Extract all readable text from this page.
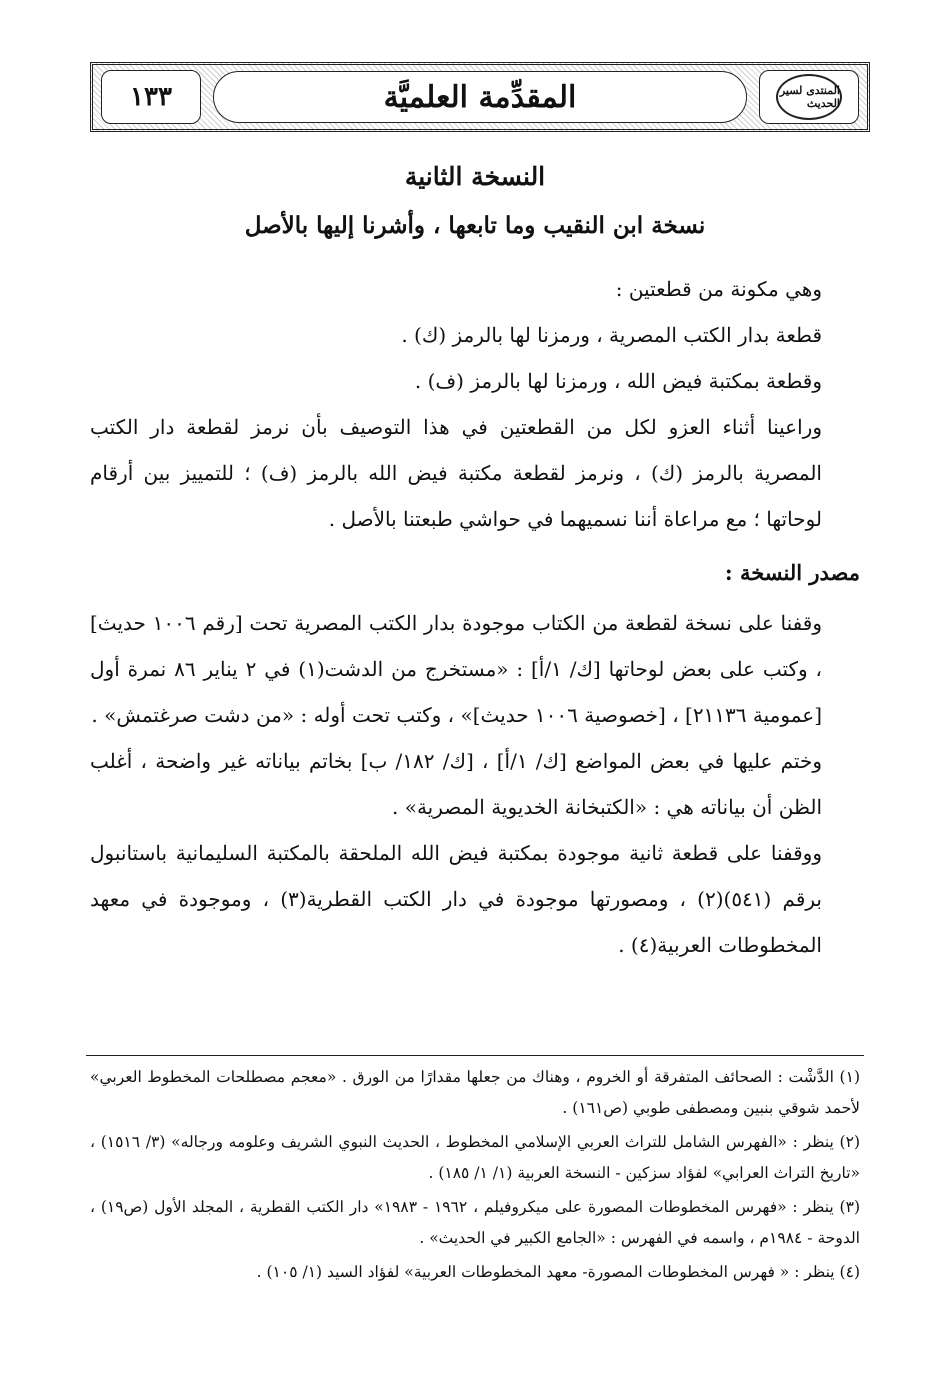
المنتدى لسير الحديث
المقدِّمة العلميَّة
١٣٣
النسخة الثانية
نسخة ابن النقيب وما تابعها ، وأشرنا إليها بالأصل

وهي مكونة من قطعتين :

قطعة بدار الكتب المصرية ، ورمزنا لها بالرمز (ك) .

وقطعة بمكتبة فيض الله ، ورمزنا لها بالرمز (ف) .

وراعينا أثناء العزو لكل من القطعتين في هذا التوصيف بأن نرمز لقطعة دار الكتب المصرية بالرمز (ك) ، ونرمز لقطعة مكتبة فيض الله بالرمز (ف) ؛ للتمييز بين أرقام لوحاتها ؛ مع مراعاة أننا نسميهما في حواشي طبعتنا بالأصل .

مصدر النسخة :

وقفنا على نسخة لقطعة من الكتاب موجودة بدار الكتب المصرية تحت [رقم ١٠٠٦ حديث] ، وكتب على بعض لوحاتها [ك/ ١/أ] : «مستخرج من الدشت(١) في ٢ يناير ٨٦ نمرة أول [عمومية ٢١١٣٦] ، [خصوصية ١٠٠٦ حديث]» ، وكتب تحت أوله : «من دشت صرغتمش» .

وختم عليها في بعض المواضع [ك/ ١/أ] ، [ك/ ١٨٢/ ب] بخاتم بياناته غير واضحة ، أغلب الظن أن بياناته هي : «الكتبخانة الخديوية المصرية» .

ووقفنا على قطعة ثانية موجودة بمكتبة فيض الله الملحقة بالمكتبة السليمانية باستانبول برقم (٥٤١)(٢) ، ومصورتها موجودة في دار الكتب القطرية(٣) ، وموجودة في معهد المخطوطات العربية(٤) .

(١) الدَّشْت : الصحائف المتفرقة أو الخروم ، وهناك من جعلها مقدارًا من الورق . «معجم مصطلحات المخطوط العربي» لأحمد شوقي بنبين ومصطفى طوبي (ص١٦١) .

(٢) ينظر : «الفهرس الشامل للتراث العربي الإسلامي المخطوط ، الحديث النبوي الشريف وعلومه ورجاله» (٣/ ١٥١٦) ، «تاريخ التراث العرابي» لفؤاد سزكين - النسخة العربية (١/ ١/ ١٨٥) .

(٣) ينظر : «فهرس المخطوطات المصورة على ميكروفيلم ، ١٩٦٢ - ١٩٨٣» دار الكتب القطرية ، المجلد الأول (ص١٩) ، الدوحة - ١٩٨٤م ، واسمه في الفهرس : «الجامع الكبير في الحديث» .

(٤) ينظر : « فهرس المخطوطات المصورة- معهد المخطوطات العربية» لفؤاد السيد (١/ ١٠٥) .
